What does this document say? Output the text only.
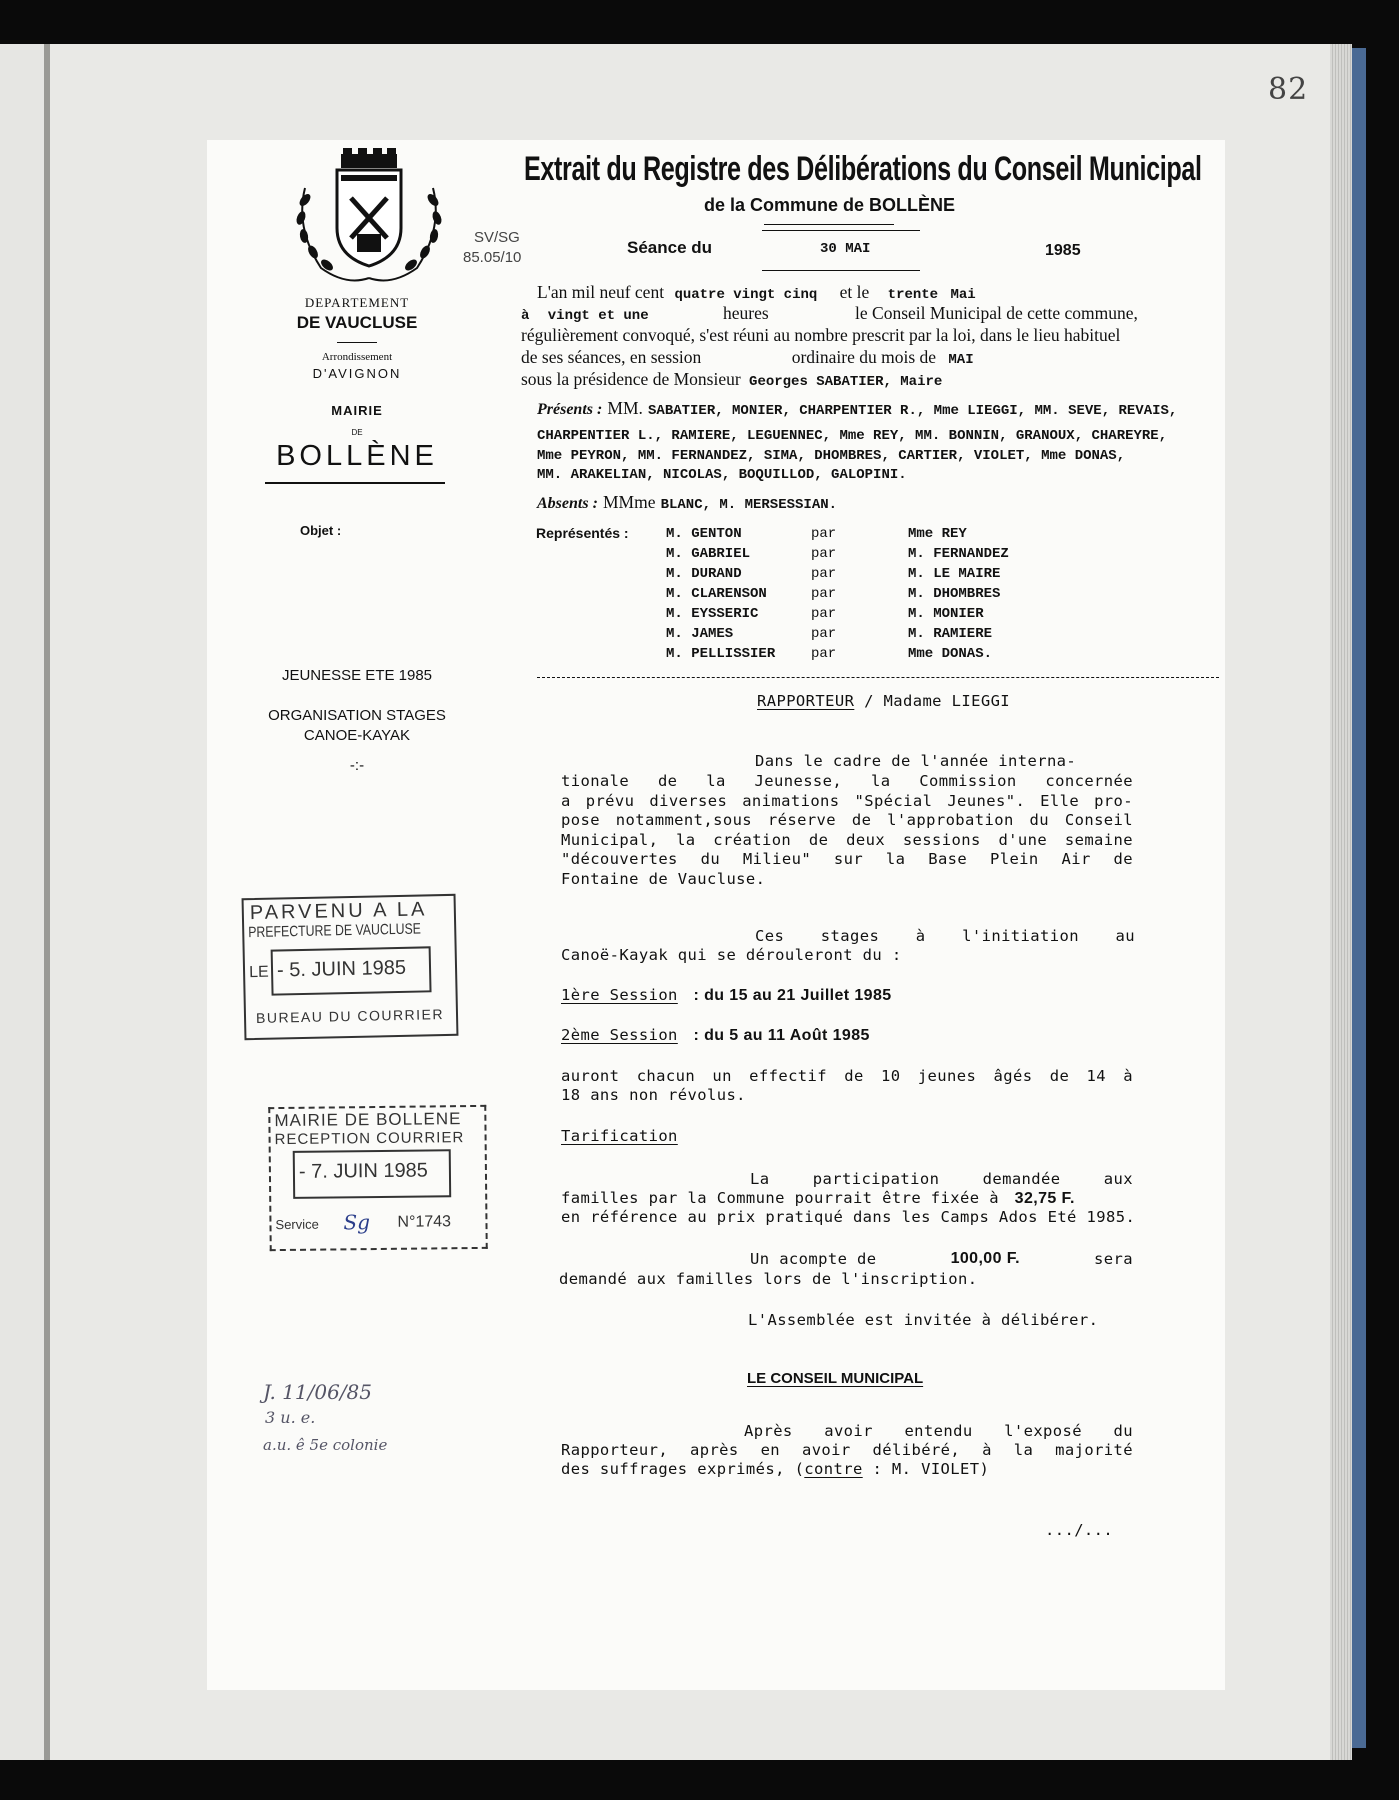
82
Extrait du Registre des Délibérations du Conseil Municipal
de la Commune de BOLLÈNE
SV/SG
85.05/10
Séance du	30 MAI	1985
L'an mil neuf cent quatre vingt cinq et le trente Mai
à vingt et une	heures	le Conseil Municipal de cette commune,
régulièrement convoqué, s'est réuni au nombre prescrit par la loi, dans le lieu habituel
de ses séances, en session	ordinaire du mois de MAI
sous la présidence de Monsieur Georges SABATIER, Maire
Présents : MM. SABATIER, MONIER, CHARPENTIER R., Mme LIEGGI, MM. SEVE, REVAIS,
CHARPENTIER L., RAMIERE, LEGUENNEC, Mme REY, MM. BONNIN, GRANOUX, CHAREYRE,
Mme PEYRON, MM. FERNANDEZ, SIMA, DHOMBRES, CARTIER, VIOLET, Mme DONAS,
MM. ARAKELIAN, NICOLAS, BOQUILLOD, GALOPINI.
Absents : MMme BLANC, M. MERSESSIAN.
Représentés :	M. GENTON	par	Mme REY
M. GABRIEL	par	M. FERNANDEZ
M. DURAND	par	M. LE MAIRE
M. CLARENSON	par	M. DHOMBRES
M. EYSSERIC	par	M. MONIER
M. JAMES	par	M. RAMIERE
M. PELLISSIER	par	Mme DONAS.
DEPARTEMENT
DE VAUCLUSE
Arrondissement
D'AVIGNON
MAIRIE
DE
BOLLÈNE
Objet :
JEUNESSE ETE 1985
ORGANISATION STAGES
CANOE-KAYAK
-:-
PARVENU A LA
PREFECTURE DE VAUCLUSE
LE - 5. JUIN 1985
BUREAU DU COURRIER
MAIRIE DE BOLLENE
RECEPTION COURRIER
- 7. JUIN 1985
Service Sg N°1743
J. 11/06/85
3 u. e.
a.u. ê 5e colonie
RAPPORTEUR / Madame LIEGGI
Dans le cadre de l'année interna-
tionale de la Jeunesse, la Commission concernée
a prévu diverses animations "Spécial Jeunes". Elle pro-
pose notamment,sous réserve de l'approbation du Conseil
Municipal, la création de deux sessions d'une semaine
"découvertes du Milieu" sur la Base Plein Air de
Fontaine de Vaucluse.
Ces stages à l'initiation au
Canoë-Kayak qui se dérouleront du :
1ère Session : du 15 au 21 Juillet 1985
2ème Session : du 5 au 11 Août 1985
auront chacun un effectif de 10 jeunes âgés de 14 à
18 ans non révolus.
Tarification
La participation demandée aux
familles par la Commune pourrait être fixée à 32,75 F.
en référence au prix pratiqué dans les Camps Ados Eté 1985.
Un acompte de	100,00 F.	sera
demandé aux familles lors de l'inscription.
L'Assemblée est invitée à délibérer.
LE CONSEIL MUNICIPAL
Après avoir entendu l'exposé du
Rapporteur, après en avoir délibéré, à la majorité
des suffrages exprimés, (contre : M. VIOLET)
.../...
